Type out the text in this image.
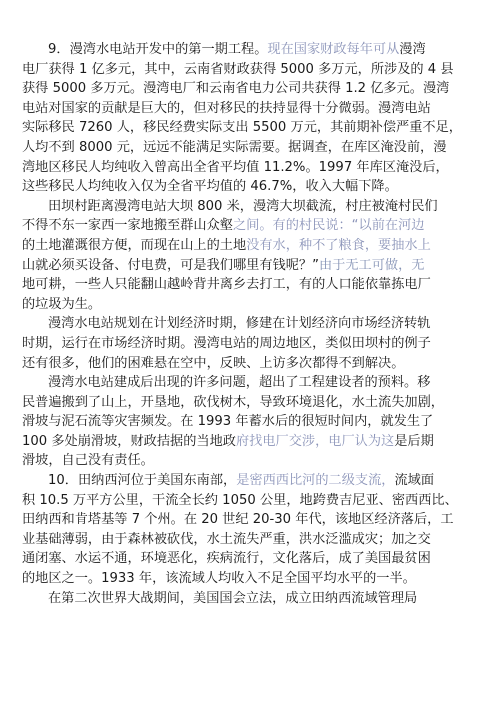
9．漫湾水电站开发中的第一期工程。现在国家财政每年可从漫湾
电厂获得 1 亿多元，其中，云南省财政获得 5000 多万元，所涉及的 4 县
获得 5000 多万元。漫湾电厂和云南省电力公司共获得 1.2 亿多元。漫湾
电站对国家的贡献是巨大的，但对移民的扶持显得十分微弱。漫湾电站
实际移民 7260 人，移民经费实际支出 5500 万元，其前期补偿严重不足，
人均不到 8000 元，远远不能满足实际需要。据调查，在库区淹没前，漫
湾地区移民人均纯收入曾高出全省平均值 11.2%。1997 年库区淹没后，
这些移民人均纯收入仅为全省平均值的 46.7%，收入大幅下降。
田坝村距离漫湾电站大坝 800 米，漫湾大坝截流，村庄被淹村民们
不得不东一家西一家地搬至群山众壑之间。有的村民说：“以前在河边
的土地灌溉很方便，而现在山上的土地没有水，种不了粮食，要抽水上
山就必须买设备、付电费，可是我们哪里有钱呢？”由于无工可做，无
地可耕，一些人只能翻山越岭背井离乡去打工，有的人口能依靠拣电厂
的垃圾为生。
漫湾水电站规划在计划经济时期，修建在计划经济向市场经济转轨
时期，运行在市场经济时期。漫湾电站的周边地区，类似田坝村的例子
还有很多，他们的困难悬在空中，反映、上访多次都得不到解决。
漫湾水电站建成后出现的许多问题，超出了工程建设者的预料。移
民普遍搬到了山上，开垦地，砍伐树木，导致环境退化，水土流失加剧，
滑坡与泥石流等灾害频发。在 1993 年蓄水后的很短时间内，就发生了
100 多处崩滑坡，财政拮据的当地政府找电厂交涉，电厂认为这是后期
滑坡，自己没有责任。
10．田纳西河位于美国东南部，是密西西比河的二级支流，流域面
积 10.5 万平方公里，干流全长约 1050 公里，地跨费吉尼亚、密西西比、
田纳西和肯塔基等 7 个州。在 20 世纪 20-30 年代，该地区经济落后，工
业基础薄弱，由于森林被砍伐，水土流失严重，洪水泛滥成灾；加之交
通闭塞、水运不通，环境恶化，疾病流行，文化落后，成了美国最贫困
的地区之一。1933 年，该流域人均收入不足全国平均水平的一半。
在第二次世界大战期间，美国国会立法，成立田纳西流域管理局
